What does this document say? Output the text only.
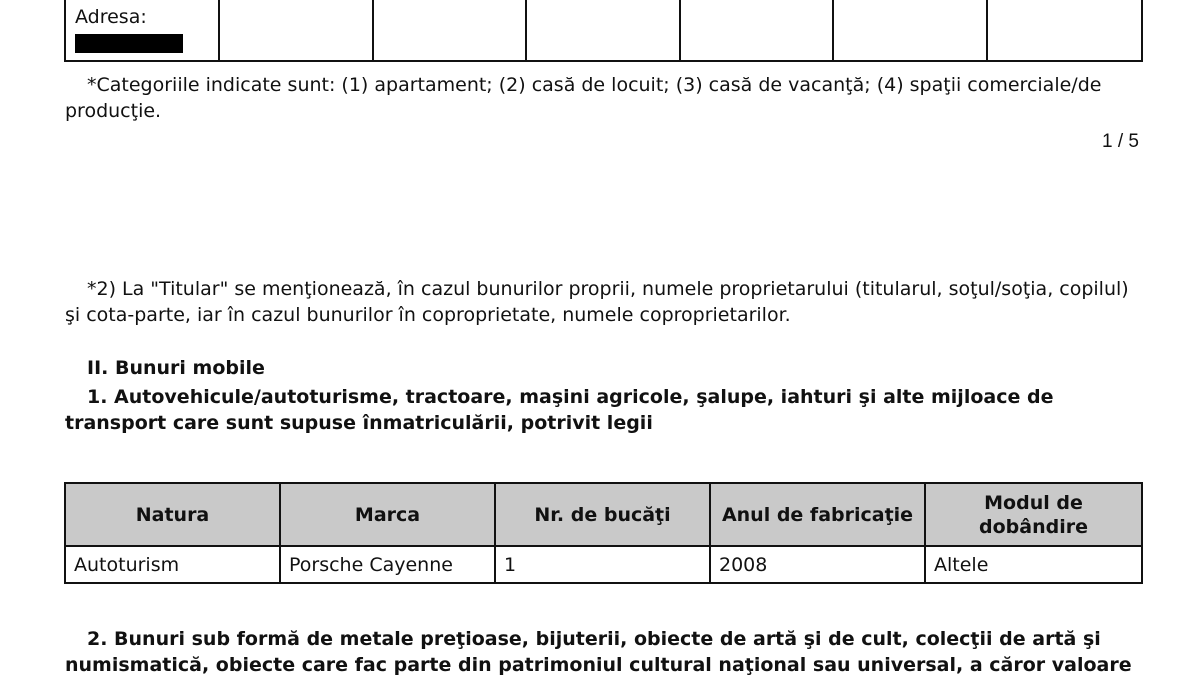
Adresa:

*Categoriile indicate sunt: (1) apartament; (2) casă de locuit; (3) casă de vacanţă; (4) spaţii comerciale/de producţie.

1 / 5

*2) La "Titular" se menţionează, în cazul bunurilor proprii, numele proprietarului (titularul, soţul/soţia, copilul) şi cota-parte, iar în cazul bunurilor în coproprietate, numele coproprietarilor.

II. Bunuri mobile

1. Autovehicule/autoturisme, tractoare, maşini agricole, şalupe, iahturi şi alte mijloace de transport care sunt supuse înmatriculării, potrivit legii

Natura	Marca	Nr. de bucăţi	Anul de fabricaţie	Modul de dobândire
Autoturism	Porsche Cayenne	1	2008	Altele

2. Bunuri sub formă de metale preţioase, bijuterii, obiecte de artă şi de cult, colecţii de artă şi numismatică, obiecte care fac parte din patrimoniul cultural naţional sau universal, a căror valoare
